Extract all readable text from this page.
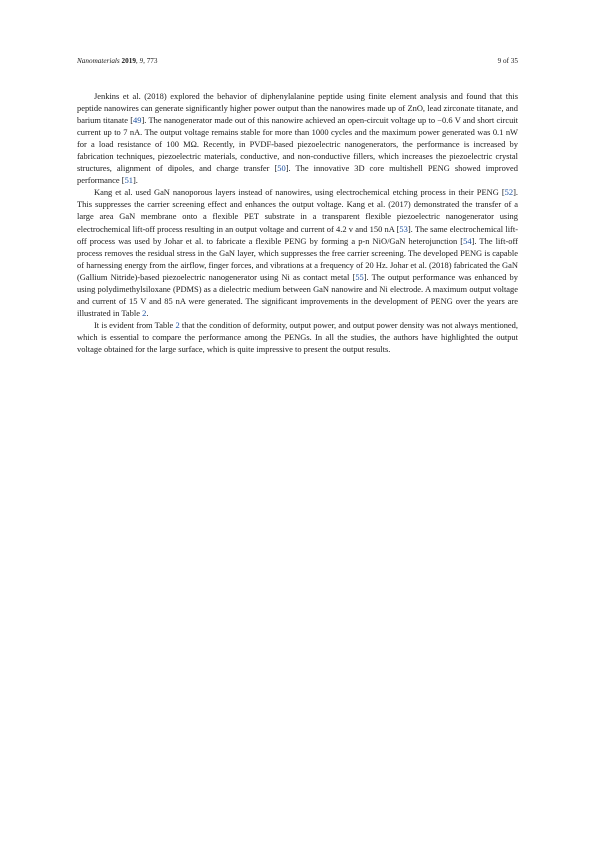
Nanomaterials 2019, 9, 773	9 of 35

Jenkins et al. (2018) explored the behavior of diphenylalanine peptide using finite element analysis and found that this peptide nanowires can generate significantly higher power output than the nanowires made up of ZnO, lead zirconate titanate, and barium titanate [49]. The nanogenerator made out of this nanowire achieved an open-circuit voltage up to −0.6 V and short circuit current up to 7 nA. The output voltage remains stable for more than 1000 cycles and the maximum power generated was 0.1 nW for a load resistance of 100 MΩ. Recently, in PVDF-based piezoelectric nanogenerators, the performance is increased by fabrication techniques, piezoelectric materials, conductive, and non-conductive fillers, which increases the piezoelectric crystal structures, alignment of dipoles, and charge transfer [50]. The innovative 3D core multishell PENG showed improved performance [51].

Kang et al. used GaN nanoporous layers instead of nanowires, using electrochemical etching process in their PENG [52]. This suppresses the carrier screening effect and enhances the output voltage. Kang et al. (2017) demonstrated the transfer of a large area GaN membrane onto a flexible PET substrate in a transparent flexible piezoelectric nanogenerator using electrochemical lift-off process resulting in an output voltage and current of 4.2 v and 150 nA [53]. The same electrochemical lift-off process was used by Johar et al. to fabricate a flexible PENG by forming a p-n NiO/GaN heterojunction [54]. The lift-off process removes the residual stress in the GaN layer, which suppresses the free carrier screening. The developed PENG is capable of harnessing energy from the airflow, finger forces, and vibrations at a frequency of 20 Hz. Johar et al. (2018) fabricated the GaN (Gallium Nitride)-based piezoelectric nanogenerator using Ni as contact metal [55]. The output performance was enhanced by using polydimethylsiloxane (PDMS) as a dielectric medium between GaN nanowire and Ni electrode. A maximum output voltage and current of 15 V and 85 nA were generated. The significant improvements in the development of PENG over the years are illustrated in Table 2.

It is evident from Table 2 that the condition of deformity, output power, and output power density was not always mentioned, which is essential to compare the performance among the PENGs. In all the studies, the authors have highlighted the output voltage obtained for the large surface, which is quite impressive to present the output results.
